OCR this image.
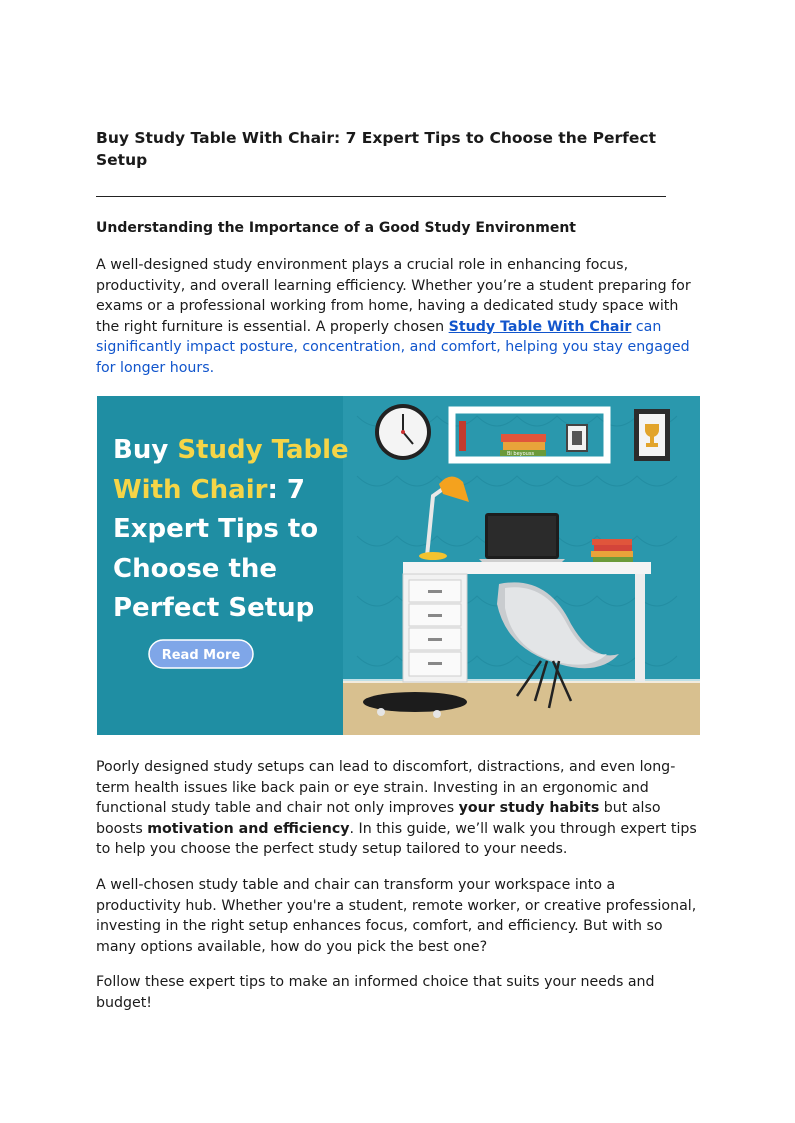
Buy Study Table With Chair: 7 Expert Tips to Choose the Perfect Setup
Understanding the Importance of a Good Study Environment

A well-designed study environment plays a crucial role in enhancing focus, productivity, and overall learning efficiency. Whether you’re a student preparing for exams or a professional working from home, having a dedicated study space with the right furniture is essential. A properly chosen Study Table With Chair can significantly impact posture, concentration, and comfort, helping you stay engaged for longer hours.

Bi beyouss
Buy Study Table
With Chair: 7
Expert Tips to
Choose the
Perfect Setup
Read More

Poorly designed study setups can lead to discomfort, distractions, and even long-term health issues like back pain or eye strain. Investing in an ergonomic and functional study table and chair not only improves your study habits but also boosts motivation and efficiency. In this guide, we’ll walk you through expert tips to help you choose the perfect study setup tailored to your needs.

A well-chosen study table and chair can transform your workspace into a productivity hub. Whether you're a student, remote worker, or creative professional, investing in the right setup enhances focus, comfort, and efficiency. But with so many options available, how do you pick the best one?

Follow these expert tips to make an informed choice that suits your needs and budget!
